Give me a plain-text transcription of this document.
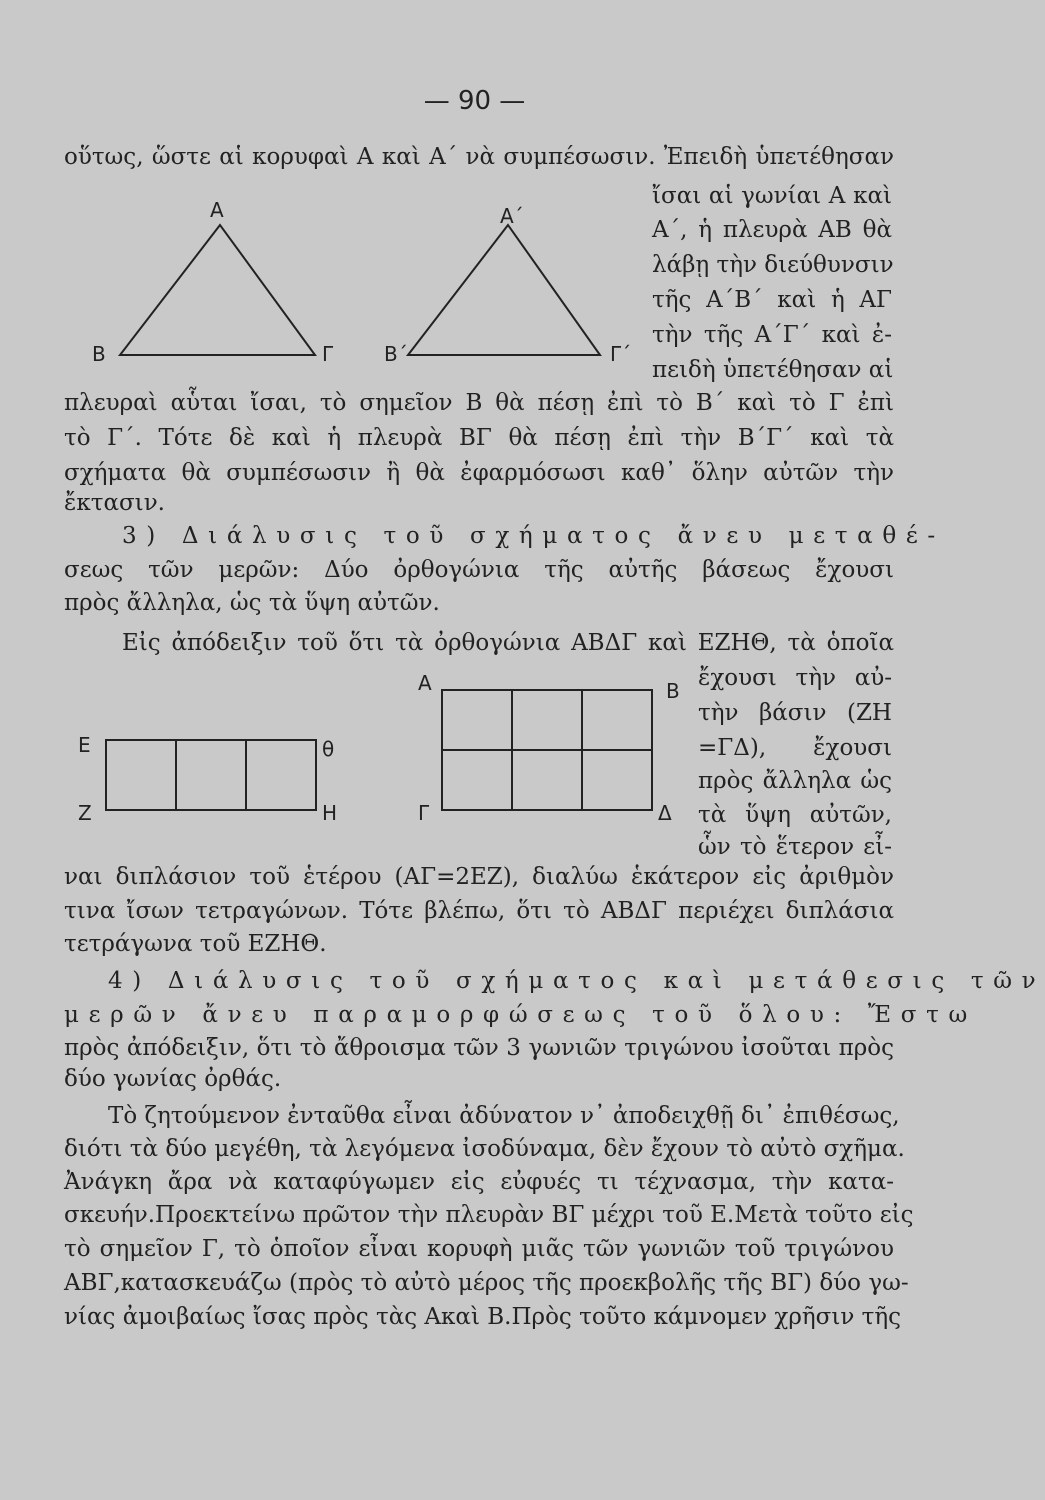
— 90 —
οὕτως, ὥστε αἱ κορυφαὶ Α καὶ Α΄ νὰ συμπέσωσιν. Ἐπειδὴ ὑπετέθησαν
ἴσαι αἱ γωνίαι Α καὶ
Α΄, ἡ πλευρὰ ΑΒ θὰ
λάβῃ τὴν διεύθυνσιν
τῆς Α΄Β΄ καὶ ἡ ΑΓ
τὴν τῆς Α΄Γ΄ καὶ ἐ-
πειδὴ ὑπετέθησαν αἱ
A
B	Γ
A΄
B΄	Γ΄
πλευραὶ αὗται ἴσαι, τὸ σημεῖον Β θὰ πέσῃ ἐπὶ τὸ Β΄ καὶ τὸ Γ ἐπὶ
τὸ Γ΄. Τότε δὲ καὶ ἡ πλευρὰ ΒΓ θὰ πέσῃ ἐπὶ τὴν Β΄Γ΄ καὶ τὰ
σχήματα θὰ συμπέσωσιν ἢ θὰ ἐφαρμόσωσι καθ᾽ ὅλην αὐτῶν τὴν
ἔκτασιν.
3) Διάλυσις τοῦ σχήματος ἄνευ μεταθέ-
σεως τῶν μερῶν: Δύο ὀρθογώνια τῆς αὐτῆς βάσεως ἔχουσι
πρὸς ἄλληλα, ὡς τὰ ὕψη αὐτῶν.
Εἰς ἀπόδειξιν τοῦ ὅτι τὰ ὀρθογώνια ΑΒΔΓ καὶ ΕΖΗΘ, τὰ ὁποῖα
ἔχουσι τὴν αὐ-
τὴν βάσιν (ΖΗ
=ΓΔ), ἔχουσι
πρὸς ἄλληλα ὡς
τὰ ὕψη αὐτῶν,
ὧν τὸ ἕτερον εἶ-
E
Z	H
θ
A	B
Γ	Δ
ναι διπλάσιον τοῦ ἑτέρου (ΑΓ=2ΕΖ), διαλύω ἑκάτερον εἰς ἀριθμὸν
τινα ἴσων τετραγώνων. Τότε βλέπω, ὅτι τὸ ΑΒΔΓ περιέχει διπλάσια
τετράγωνα τοῦ ΕΖΗΘ.
4) Διάλυσις τοῦ σχήματος καὶ μετάθεσις τῶν
μερῶν ἄνευ παραμορφώσεως τοῦ ὅλου: Ἔστω
πρὸς ἀπόδειξιν, ὅτι τὸ ἄθροισμα τῶν 3 γωνιῶν τριγώνου ἰσοῦται πρὸς
δύο γωνίας ὀρθάς.
Τὸ ζητούμενον ἐνταῦθα εἶναι ἀδύνατον ν᾽ ἀποδειχθῇ δι᾽ ἐπιθέσως,
διότι τὰ δύο μεγέθη, τὰ λεγόμενα ἰσοδύναμα, δὲν ἔχουν τὸ αὐτὸ σχῆμα.
Ἀνάγκη ἄρα νὰ καταφύγωμεν εἰς εὐφυές τι τέχνασμα, τὴν κατα-
σκευήν.Προεκτείνω πρῶτον τὴν πλευρὰν ΒΓ μέχρι τοῦ Ε.Μετὰ τοῦτο εἰς
τὸ σημεῖον Γ, τὸ ὁποῖον εἶναι κορυφὴ μιᾶς τῶν γωνιῶν τοῦ τριγώνου
ΑΒΓ,κατασκευάζω (πρὸς τὸ αὐτὸ μέρος τῆς προεκβολῆς τῆς ΒΓ) δύο γω-
νίας ἀμοιβαίως ἴσας πρὸς τὰς Ακαὶ Β.Πρὸς τοῦτο κάμνομεν χρῆσιν τῆς
